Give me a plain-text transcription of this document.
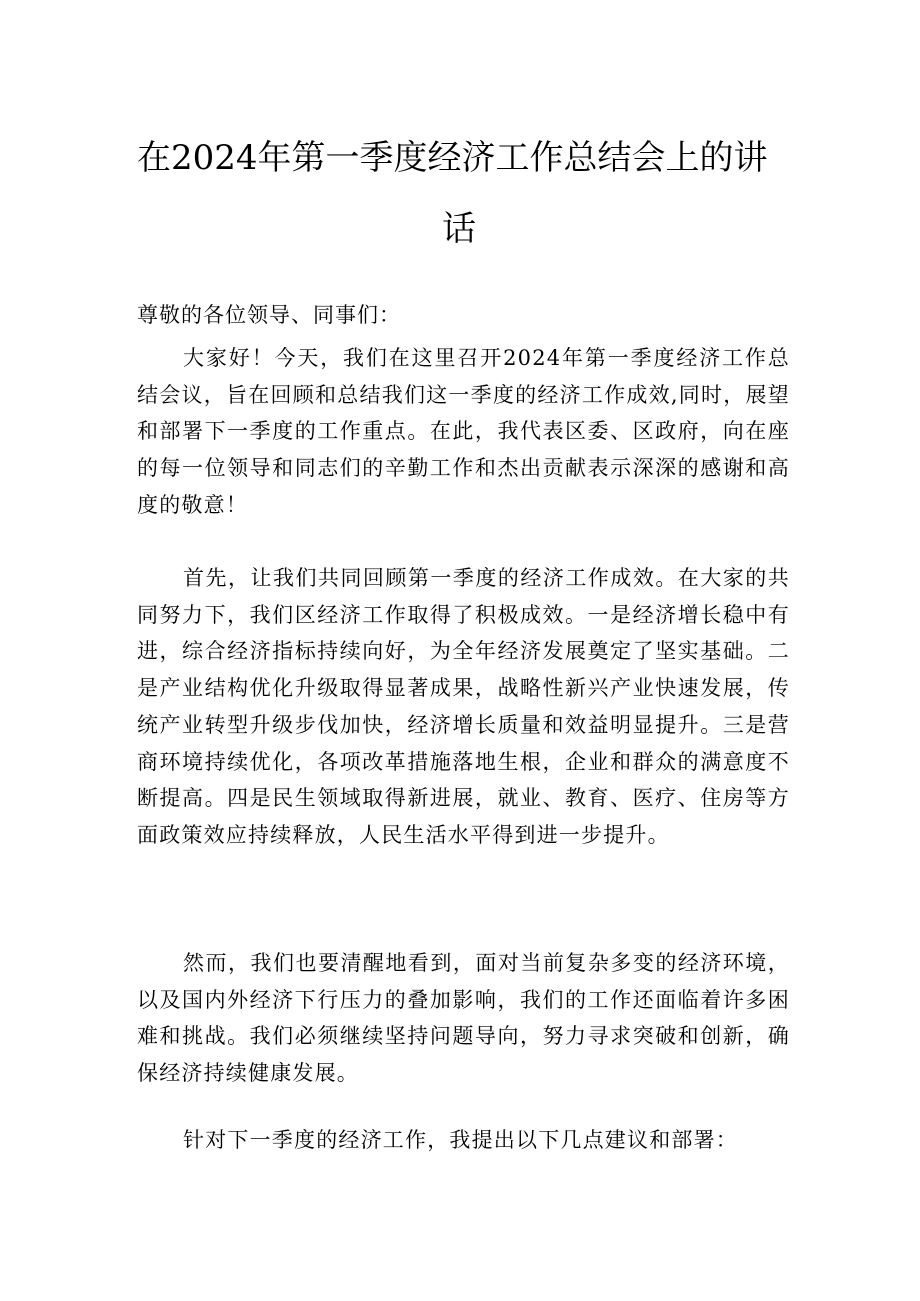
在2024年第一季度经济工作总结会上的讲
话
尊敬的各位领导、同事们：

大家好！今天，我们在这里召开2024年第一季度经济工作总结会议，旨在回顾和总结我们这一季度的经济工作成效,同时，展望和部署下一季度的工作重点。在此，我代表区委、区政府，向在座的每一位领导和同志们的辛勤工作和杰出贡献表示深深的感谢和高度的敬意！

首先，让我们共同回顾第一季度的经济工作成效。在大家的共同努力下，我们区经济工作取得了积极成效。一是经济增长稳中有进，综合经济指标持续向好，为全年经济发展奠定了坚实基础。二是产业结构优化升级取得显著成果，战略性新兴产业快速发展，传统产业转型升级步伐加快，经济增长质量和效益明显提升。三是营商环境持续优化，各项改革措施落地生根，企业和群众的满意度不断提高。四是民生领域取得新进展，就业、教育、医疗、住房等方面政策效应持续释放，人民生活水平得到进一步提升。

然而，我们也要清醒地看到，面对当前复杂多变的经济环境，以及国内外经济下行压力的叠加影响，我们的工作还面临着许多困难和挑战。我们必须继续坚持问题导向，努力寻求突破和创新，确保经济持续健康发展。

针对下一季度的经济工作，我提出以下几点建议和部署：
